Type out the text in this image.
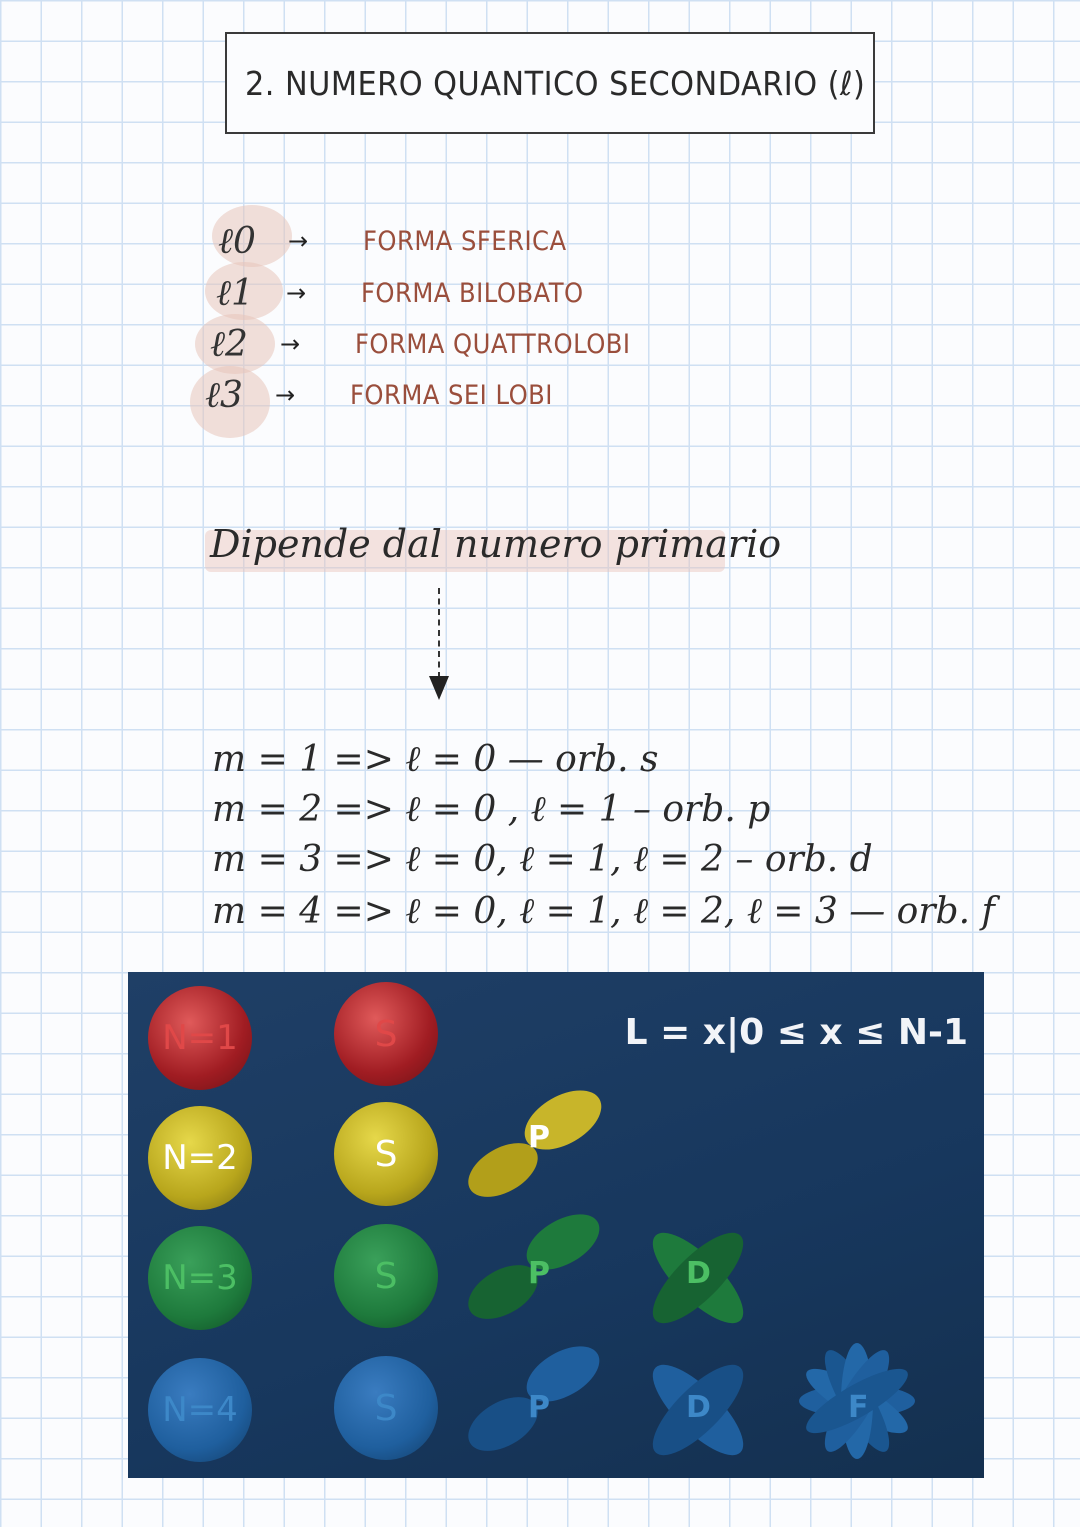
2. NUMERO QUANTICO SECONDARIO (ℓ)
ℓ0	→	FORMA SFERICA
ℓ1	→	FORMA BILOBATO
ℓ2	→	FORMA QUATTROLOBI
ℓ3	→	FORMA SEI LOBI
Dipende dal numero primario
m = 1 => ℓ = 0 — orb. s
m = 2 => ℓ = 0 , ℓ = 1 – orb. p
m = 3 => ℓ = 0, ℓ = 1, ℓ = 2 – orb. d
m = 4 => ℓ = 0, ℓ = 1, ℓ = 2, ℓ = 3 — orb. f
L = x|0 ≤ x ≤ N-1
N=1	S
N=2	S	P
N=3	S	P	D
N=4	S	P	D	F
